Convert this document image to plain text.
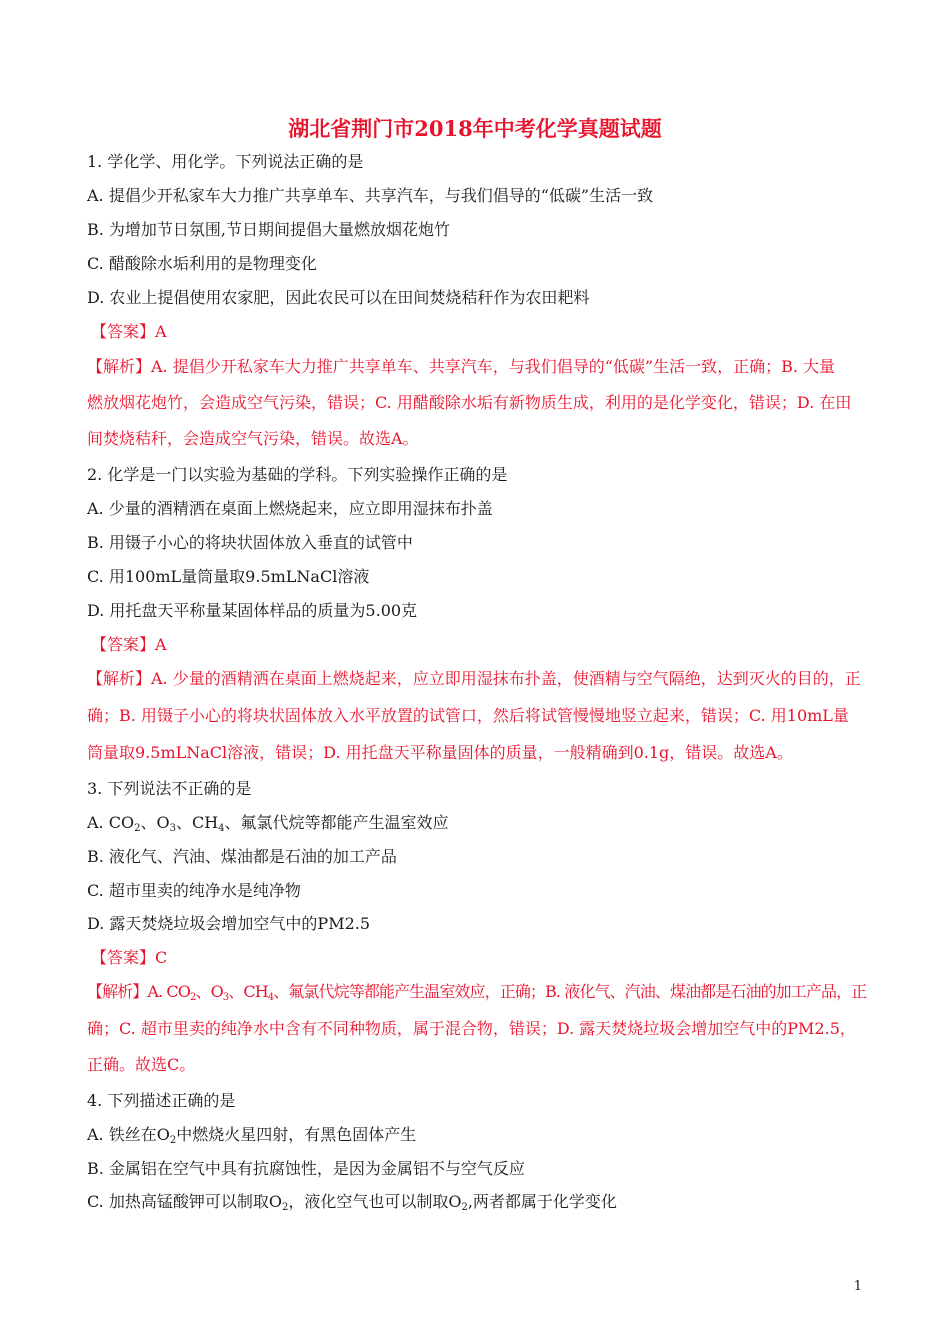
湖北省荆门市2018年中考化学真题试题
1. 学化学、用化学。下列说法正确的是
A. 提倡少开私家车大力推广共享单车、共享汽车，与我们倡导的“低碳”生活一致
B. 为增加节日氛围,节日期间提倡大量燃放烟花炮竹
C. 醋酸除水垢利用的是物理变化
D. 农业上提倡使用农家肥，因此农民可以在田间焚烧秸秆作为农田耙料
【答案】A
【解析】A. 提倡少开私家车大力推广共享单车、共享汽车，与我们倡导的“低碳”生活一致，正确；B. 大量
燃放烟花炮竹，会造成空气污染，错误；C. 用醋酸除水垢有新物质生成，利用的是化学变化，错误；D. 在田
间焚烧秸秆，会造成空气污染，错误。故选A。
2. 化学是一门以实验为基础的学科。下列实验操作正确的是
A. 少量的酒精洒在桌面上燃烧起来，应立即用湿抹布扑盖
B. 用镊子小心的将块状固体放入垂直的试管中
C. 用100mL量筒量取9.5mLNaCl溶液
D. 用托盘天平称量某固体样品的质量为5.00克
【答案】A
【解析】A. 少量的酒精洒在桌面上燃烧起来，应立即用湿抹布扑盖，使酒精与空气隔绝，达到灭火的目的，正
确；B. 用镊子小心的将块状固体放入水平放置的试管口，然后将试管慢慢地竖立起来，错误；C. 用10mL量
筒量取9.5mLNaCl溶液，错误；D. 用托盘天平称量固体的质量，一般精确到0.1g，错误。故选A。
3. 下列说法不正确的是
A. $CO_2$、$O_3$、$CH_4$、氟氯代烷等都能产生温室效应
B. 液化气、汽油、煤油都是石油的加工产品
C. 超市里卖的纯净水是纯净物
D. 露天焚烧垃圾会增加空气中的PM2.5
【答案】C
【解析】A. $CO_2$、$O_3$、$CH_4$、氟氯代烷等都能产生温室效应，正确；B. 液化气、汽油、煤油都是石油的加工产品，正
确；C. 超市里卖的纯净水中含有不同种物质，属于混合物，错误；D. 露天焚烧垃圾会增加空气中的PM2.5，
正确。故选C。
4. 下列描述正确的是
A. 铁丝在$O_2$中燃烧火星四射，有黑色固体产生
B. 金属铝在空气中具有抗腐蚀性，是因为金属铝不与空气反应
C. 加热高锰酸钾可以制取$O_2$，液化空气也可以制取$O_2$,两者都属于化学变化
1
